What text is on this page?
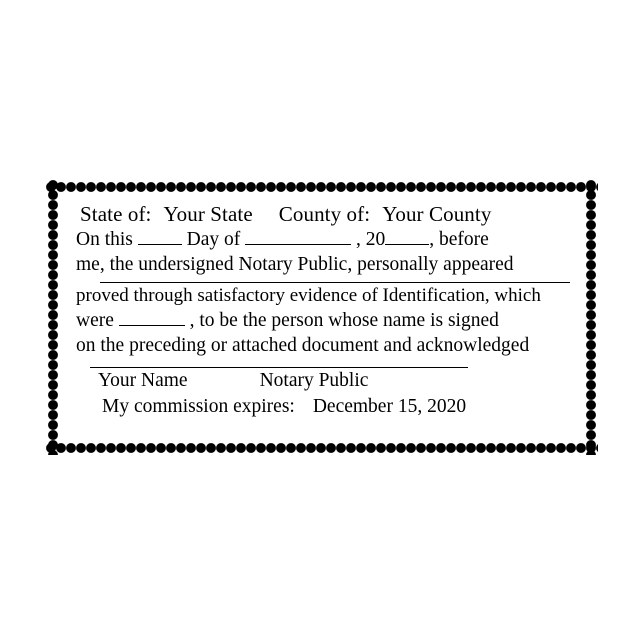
State of: Your State County of: Your County
On this  Day of	, 20 , before
me, the undersigned Notary Public, personally appeared
proved through satisfactory evidence of Identification, which
were	, to be the person whose name is signed
on the preceding or attached document and acknowledged
Your Name	Notary Public
My commission expires: December 15, 2020
